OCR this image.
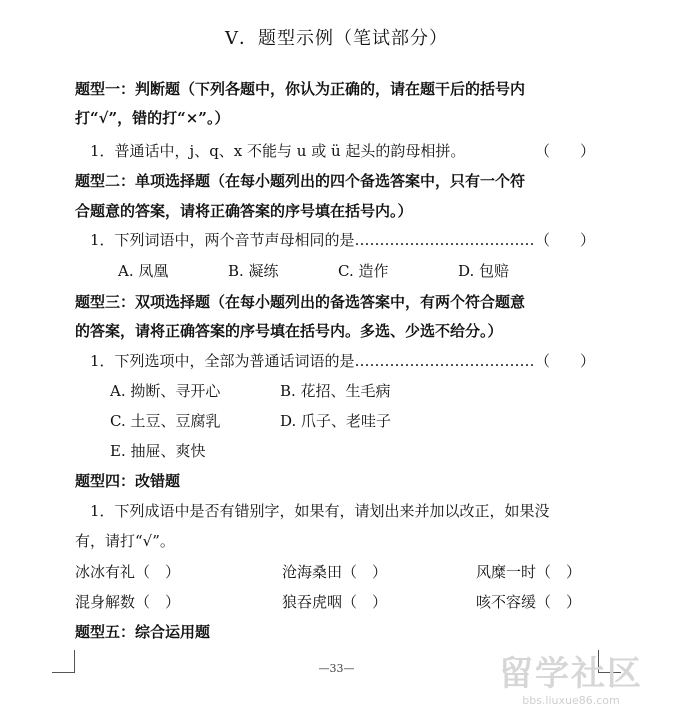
Ⅴ．题型示例（笔试部分）
题型一：判断题（下列各题中，你认为正确的，请在题干后的括号内
打“√”，错的打“×”。）
1．普通话中，j、q、x 不能与 u 或 ü 起头的韵母相拼。	（　　）
题型二：单项选择题（在每小题列出的四个备选答案中，只有一个符
合题意的答案，请将正确答案的序号填在括号内。）
1．下列词语中，两个音节声母相同的是……………………………… （　　）
A. 凤凰	B. 凝练	C. 造作	D. 包赔
题型三：双项选择题（在每小题列出的备选答案中，有两个符合题意
的答案，请将正确答案的序号填在括号内。多选、少选不给分。）
1．下列选项中，全部为普通话词语的是……………………………… （　　）
A. 拗断、寻开心	B. 花招、生毛病
C. 土豆、豆腐乳	D. 爪子、老哇子
E. 抽屉、爽快
题型四：改错题
1．下列成语中是否有错别字，如果有，请划出来并加以改正，如果没
有，请打“√”。
冰冰有礼（　）	沧海桑田（　）	风糜一时（　）
混身解数（　）	狼吞虎咽（　）	咳不容缓（　）
题型五：综合运用题
—33—	留学社区
bbs.liuxue86.com
